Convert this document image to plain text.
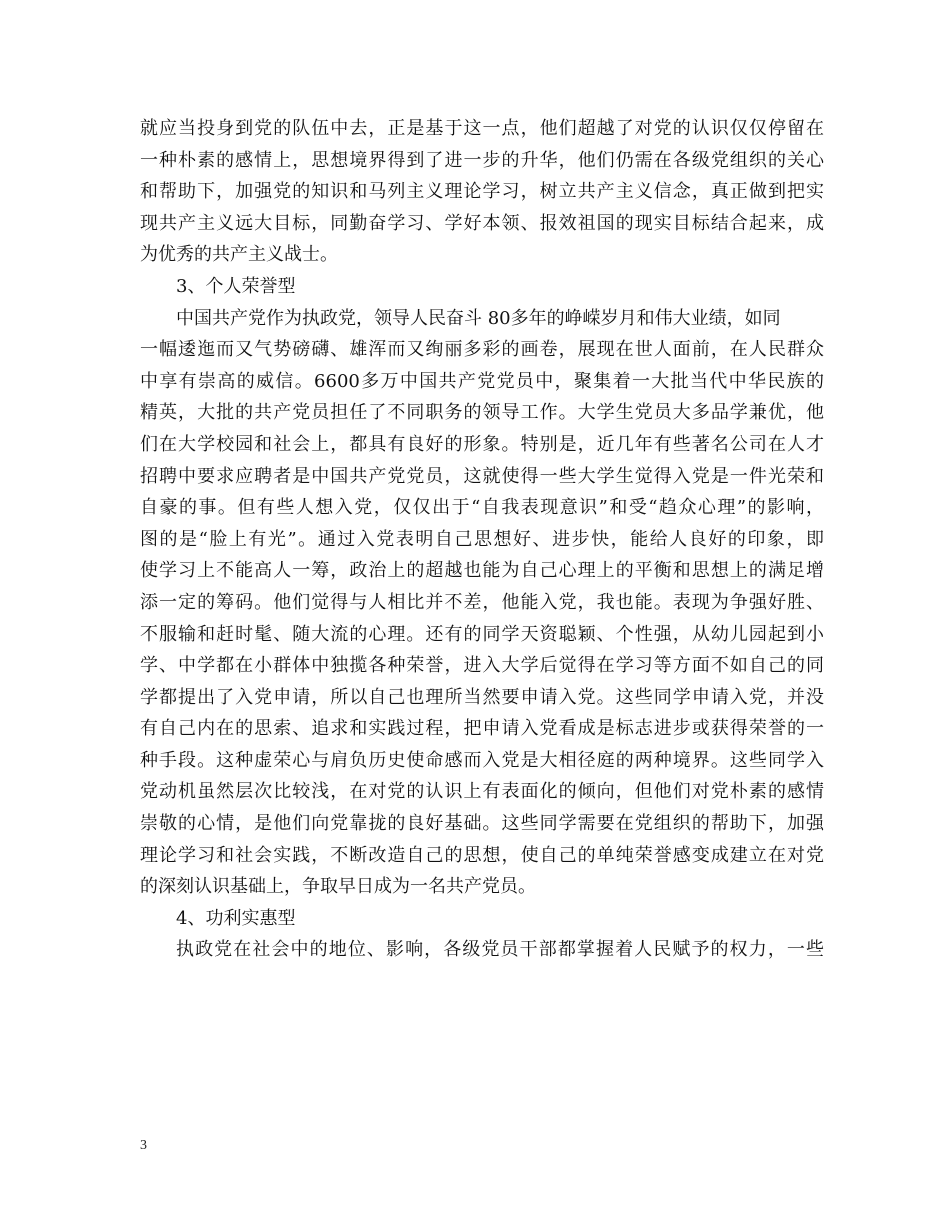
就应当投身到党的队伍中去，正是基于这一点，他们超越了对党的认识仅仅停留在
一种朴素的感情上，思想境界得到了进一步的升华，他们仍需在各级党组织的关心
和帮助下，加强党的知识和马列主义理论学习，树立共产主义信念，真正做到把实
现共产主义远大目标，同勤奋学习、学好本领、报效祖国的现实目标结合起来，成
为优秀的共产主义战士。
3、个人荣誉型
中国共产党作为执政党，领导人民奋斗 80多年的峥嵘岁月和伟大业绩，如同
一幅逶迤而又气势磅礴、雄浑而又绚丽多彩的画卷，展现在世人面前，在人民群众
中享有崇高的威信。6600多万中国共产党党员中，聚集着一大批当代中华民族的
精英，大批的共产党员担任了不同职务的领导工作。大学生党员大多品学兼优，他
们在大学校园和社会上，都具有良好的形象。特别是，近几年有些著名公司在人才
招聘中要求应聘者是中国共产党党员，这就使得一些大学生觉得入党是一件光荣和
自豪的事。但有些人想入党，仅仅出于“自我表现意识”和受“趋众心理”的影响，
图的是“脸上有光”。通过入党表明自己思想好、进步快，能给人良好的印象，即
使学习上不能高人一筹，政治上的超越也能为自己心理上的平衡和思想上的满足增
添一定的筹码。他们觉得与人相比并不差，他能入党，我也能。表现为争强好胜、
不服输和赶时髦、随大流的心理。还有的同学天资聪颖、个性强，从幼儿园起到小
学、中学都在小群体中独揽各种荣誉，进入大学后觉得在学习等方面不如自己的同
学都提出了入党申请，所以自己也理所当然要申请入党。这些同学申请入党，并没
有自己内在的思索、追求和实践过程，把申请入党看成是标志进步或获得荣誉的一
种手段。这种虚荣心与肩负历史使命感而入党是大相径庭的两种境界。这些同学入
党动机虽然层次比较浅，在对党的认识上有表面化的倾向，但他们对党朴素的感情
崇敬的心情，是他们向党靠拢的良好基础。这些同学需要在党组织的帮助下，加强
理论学习和社会实践，不断改造自己的思想，使自己的单纯荣誉感变成建立在对党
的深刻认识基础上，争取早日成为一名共产党员。
4、功利实惠型
执政党在社会中的地位、影响，各级党员干部都掌握着人民赋予的权力，一些
3
